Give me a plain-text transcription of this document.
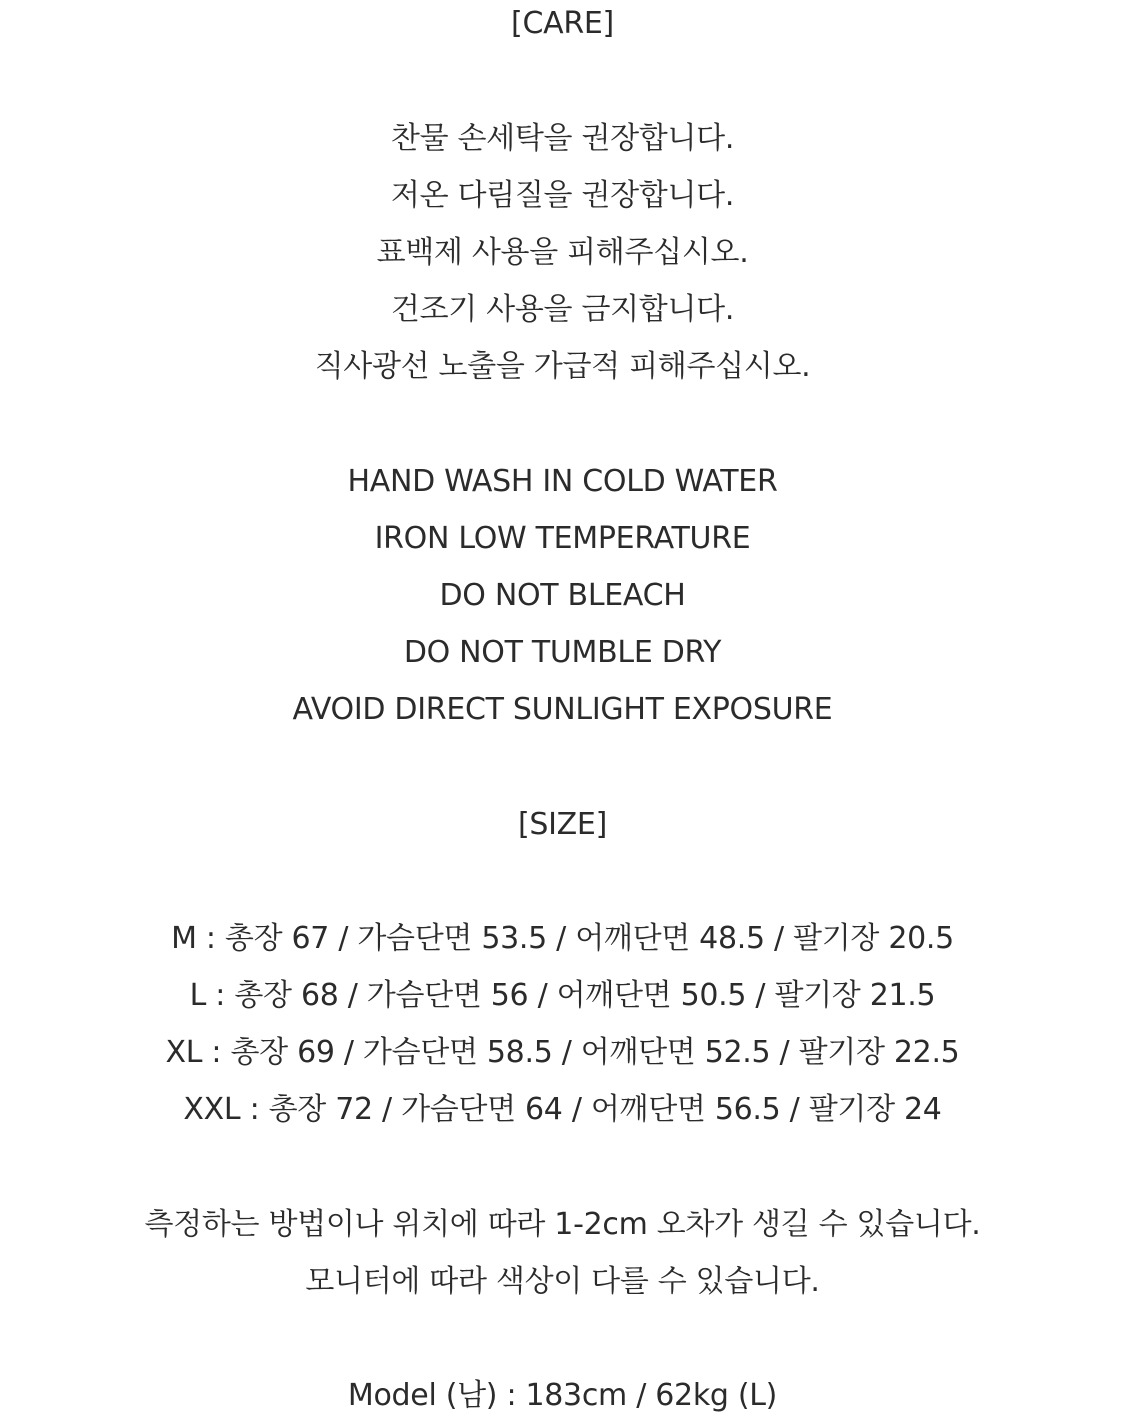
[CARE]
찬물 손세탁을 권장합니다.
저온 다림질을 권장합니다.
표백제 사용을 피해주십시오.
건조기 사용을 금지합니다.
직사광선 노출을 가급적 피해주십시오.
HAND WASH IN COLD WATER
IRON LOW TEMPERATURE
DO NOT BLEACH
DO NOT TUMBLE DRY
AVOID DIRECT SUNLIGHT EXPOSURE
[SIZE]
M : 총장 67 / 가슴단면 53.5 / 어깨단면 48.5 / 팔기장 20.5
L : 총장 68 / 가슴단면 56 / 어깨단면 50.5 / 팔기장 21.5
XL : 총장 69 / 가슴단면 58.5 / 어깨단면 52.5 / 팔기장 22.5
XXL : 총장 72 / 가슴단면 64 / 어깨단면 56.5 / 팔기장 24
측정하는 방법이나 위치에 따라 1-2cm 오차가 생길 수 있습니다.
모니터에 따라 색상이 다를 수 있습니다.
Model (남) : 183cm / 62kg (L)
